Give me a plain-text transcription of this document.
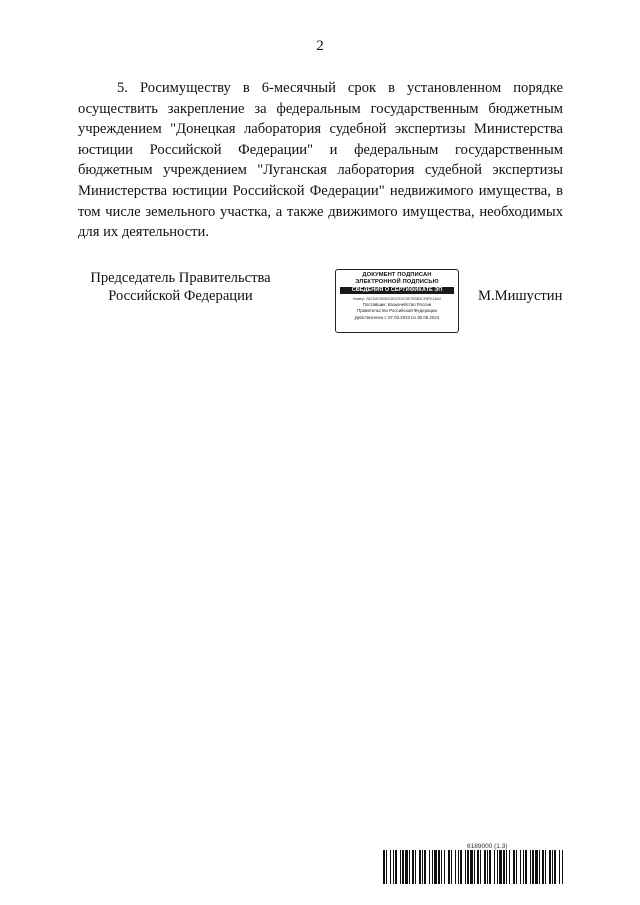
2

5. Росимуществу в 6-месячный срок в установленном порядке осуществить закрепление за федеральным государственным бюджетным учреждением "Донецкая лаборатория судебной экспертизы Министерства юстиции Российской Федерации" и федеральным государственным бюджетным учреждением "Луганская лаборатория судебной экспертизы Министерства юстиции Российской Федерации" недвижимого имущества, в том числе земельного участка, а также движимого имущества, необходимых для их деятельности.

Председатель Правительства
Российской Федерации
ДОКУМЕНТ ПОДПИСАН
ЭЛЕКТРОННОЙ ПОДПИСЬЮ
СВЕДЕНИЯ О СЕРТИФИКАТЕ ЭП
Номер: 2ACDA76000C5D47E2C9E7E5B4CF8FE16A2
Поставщик: Казначейство России
Правительство Российской Федерации
Действителен с 07.03.2023 по 30.05.2024
М.Мишустин
6189000 (1.3)
